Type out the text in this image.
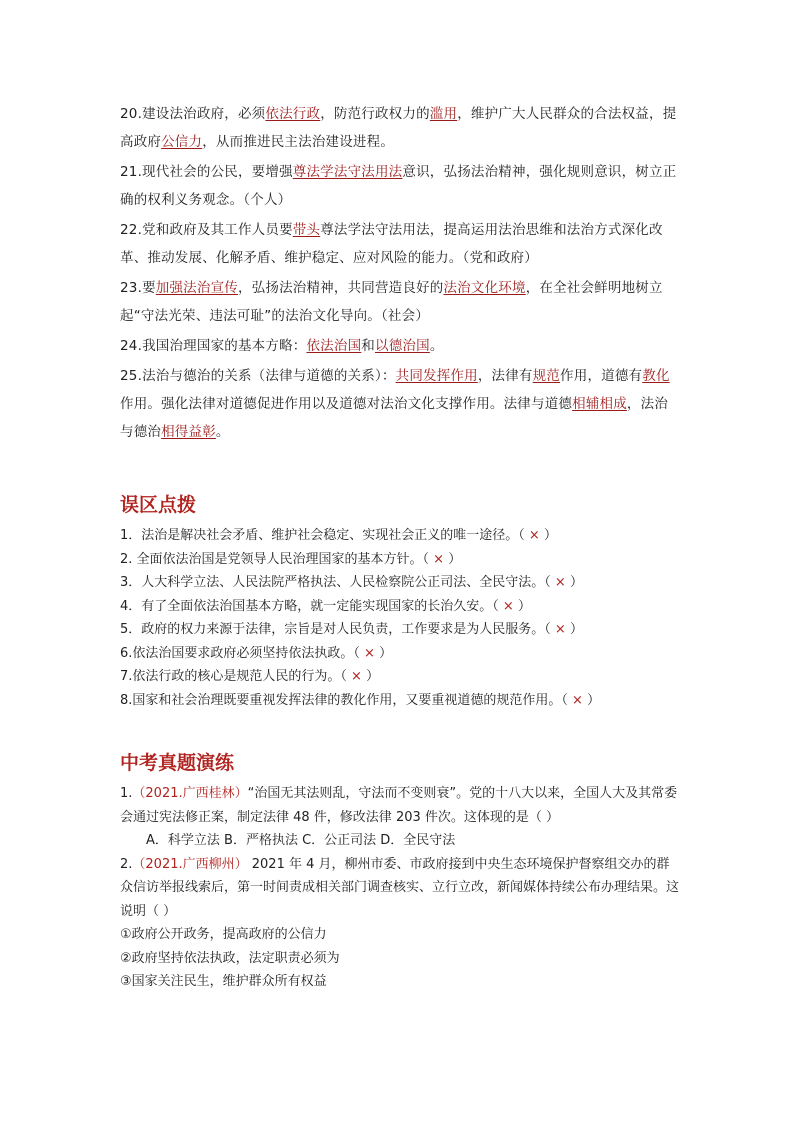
20.建设法治政府，必须依法行政，防范行政权力的滥用，维护广大人民群众的合法权益，提高政府公信力，从而推进民主法治建设进程。

21.现代社会的公民，要增强尊法学法守法用法意识，弘扬法治精神，强化规则意识，树立正确的权利义务观念。（个人）

22.党和政府及其工作人员要带头尊法学法守法用法，提高运用法治思维和法治方式深化改革、推动发展、化解矛盾、维护稳定、应对风险的能力。（党和政府）

23.要加强法治宣传，弘扬法治精神，共同营造良好的法治文化环境，在全社会鲜明地树立起“守法光荣、违法可耻”的法治文化导向。（社会）

24.我国治理国家的基本方略：依法治国和以德治国。

25.法治与德治的关系（法律与道德的关系）：共同发挥作用，法律有规范作用，道德有教化作用。强化法律对道德促进作用以及道德对法治文化支撑作用。法律与道德相辅相成，法治与德治相得益彰。

误区点拨

1．法治是解决社会矛盾、维护社会稳定、实现社会正义的唯一途径。（ × ）

2. 全面依法治国是党领导人民治理国家的基本方针。（ × ）

3．人大科学立法、人民法院严格执法、人民检察院公正司法、全民守法。（ × ）

4．有了全面依法治国基本方略，就一定能实现国家的长治久安。（ × ）

5．政府的权力来源于法律，宗旨是对人民负责，工作要求是为人民服务。（ × ）

6.依法治国要求政府必须坚持依法执政。（ × ）

7.依法行政的核心是规范人民的行为。（ × ）

8.国家和社会治理既要重视发挥法律的教化作用，又要重视道德的规范作用。（ × ）

中考真题演练

1.（2021.广西桂林）“治国无其法则乱，守法而不变则衰”。党的十八大以来，全国人大及其常委会通过宪法修正案，制定法律 48 件，修改法律 203 件次。这体现的是（ ）

A．科学立法 B．严格执法 C．公正司法 D．全民守法

2.（2021.广西柳州） 2021 年 4 月，柳州市委、市政府接到中央生态环境保护督察组交办的群众信访举报线索后，第一时间责成相关部门调查核实、立行立改，新闻媒体持续公布办理结果。这说明（ ）

①政府公开政务，提高政府的公信力

②政府坚持依法执政，法定职责必须为

③国家关注民生，维护群众所有权益
